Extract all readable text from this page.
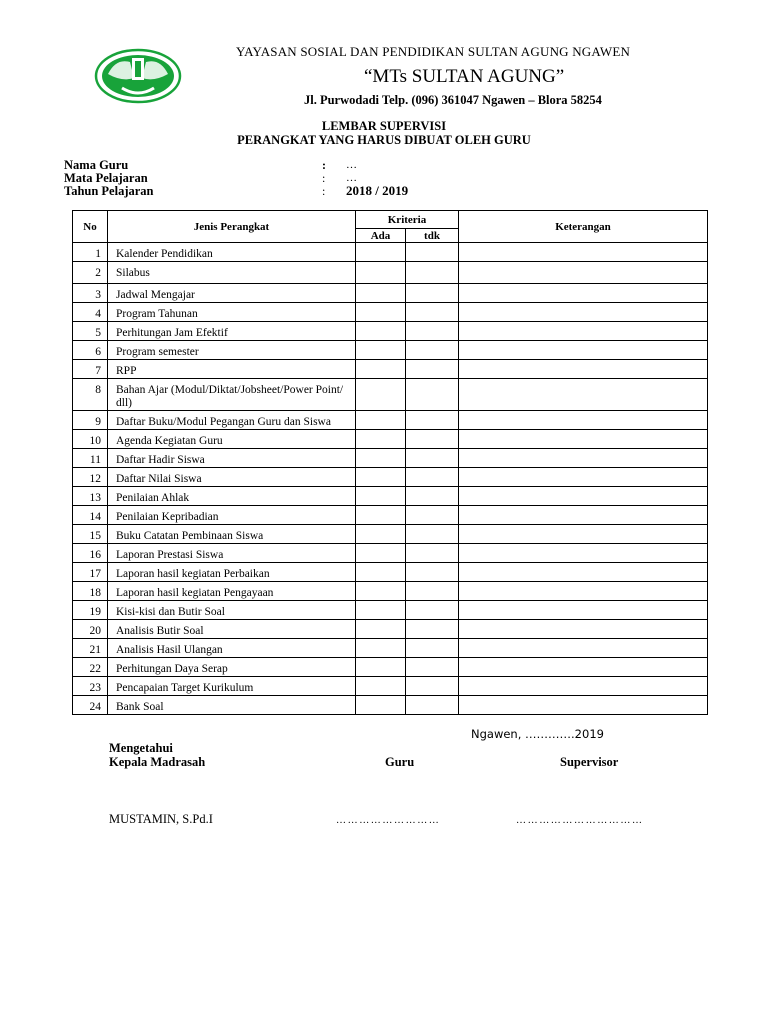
YAYASAN SOSIAL DAN PENDIDIKAN SULTAN AGUNG NGAWEN
“MTs SULTAN AGUNG”
Jl. Purwodadi Telp. (096) 361047 Ngawen – Blora 58254
LEMBAR SUPERVISI
PERANGKAT YANG HARUS DIBUAT OLEH GURU
Nama Guru	: …
Mata Pelajaran	: …
Tahun Pelajaran	: 2018 / 2019
No	Jenis Perangkat	Kriteria		Keterangan
		Ada	tdk	
1	Kalender Pendidikan			
2	Silabus			
3	Jadwal Mengajar			
4	Program Tahunan			
5	Perhitungan Jam Efektif			
6	Program semester			
7	RPP			
8	Bahan Ajar (Modul/Diktat/Jobsheet/Power Point/ dll)			
9	Daftar Buku/Modul Pegangan Guru dan Siswa			
10	Agenda Kegiatan Guru			
11	Daftar Hadir Siswa			
12	Daftar Nilai Siswa			
13	Penilaian Ahlak			
14	Penilaian Kepribadian			
15	Buku Catatan Pembinaan Siswa			
16	Laporan Prestasi Siswa			
17	Laporan hasil kegiatan Perbaikan			
18	Laporan hasil kegiatan Pengayaan			
19	Kisi-kisi dan Butir Soal			
20	Analisis Butir Soal			
21	Analisis Hasil Ulangan			
22	Perhitungan Daya Serap			
23	Pencapaian Target Kurikulum			
24	Bank Soal			
Ngawen, ………….2019
Mengetahui
Kepala Madrasah	Guru	Supervisor
MUSTAMIN, S.Pd.I	………………………	……………………………
